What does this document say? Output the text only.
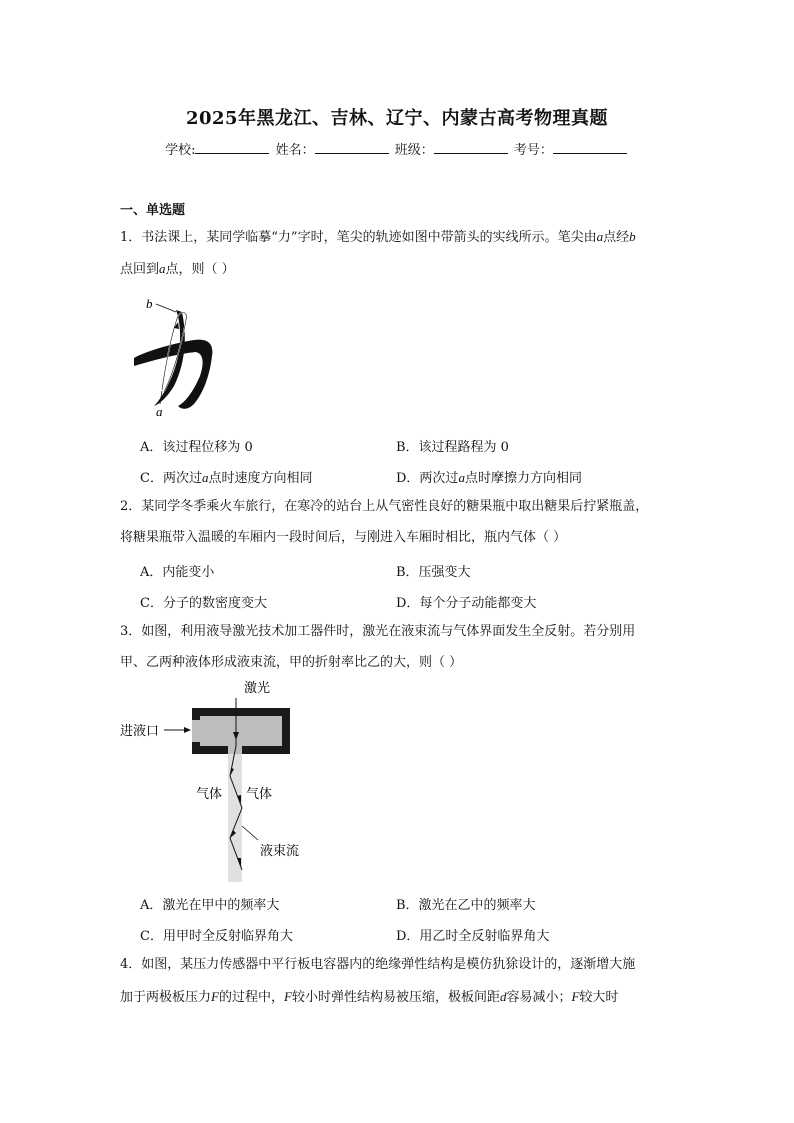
2025年黑龙江、吉林、辽宁、内蒙古高考物理真题
学校:	姓名：	班级：	考号：
一、单选题
1．书法课上，某同学临摹“力”字时，笔尖的轨迹如图中带箭头的实线所示。笔尖由a点经b
点回到a点，则（ ）
b
a
A．该过程位移为 0	B．该过程路程为 0
C．两次过a点时速度方向相同	D．两次过a点时摩擦力方向相同
2．某同学冬季乘火车旅行，在寒冷的站台上从气密性良好的糖果瓶中取出糖果后拧紧瓶盖，
将糖果瓶带入温暖的车厢内一段时间后，与刚进入车厢时相比，瓶内气体（ ）
A．内能变小	B．压强变大
C．分子的数密度变大	D．每个分子动能都变大
3．如图，利用液导激光技术加工器件时，激光在液束流与气体界面发生全反射。若分别用
甲、乙两种液体形成液束流，甲的折射率比乙的大，则（ ）
激光
进液口
气体 气体
液束流
A．激光在甲中的频率大	B．激光在乙中的频率大
C．用甲时全反射临界角大	D．用乙时全反射临界角大
4．如图，某压力传感器中平行板电容器内的绝缘弹性结构是模仿犰狳设计的，逐渐增大施
加于两极板压力F的过程中，F较小时弹性结构易被压缩，极板间距d容易减小；F较大时
